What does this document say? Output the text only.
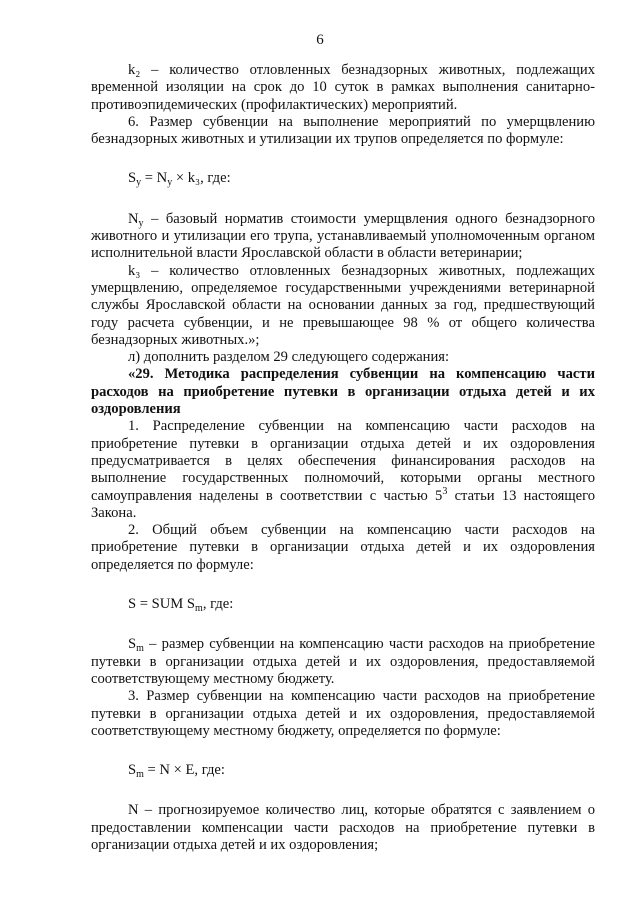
6

k₂ – количество отловленных безнадзорных животных, подлежащих временной изоляции на срок до 10 суток в рамках выполнения санитарно-противоэпидемических (профилактических) мероприятий.

6. Размер субвенции на выполнение мероприятий по умерщвлению безнадзорных животных и утилизации их трупов определяется по формуле:

$S_y = N_y \times k_3$, где:

$N_y$ – базовый норматив стоимости умерщвления одного безнадзорного животного и утилизации его трупа, устанавливаемый уполномоченным органом исполнительной власти Ярославской области в области ветеринарии;

k₃ – количество отловленных безнадзорных животных, подлежащих умерщвлению, определяемое государственными учреждениями ветеринарной службы Ярославской области на основании данных за год, предшествующий году расчета субвенции, и не превышающее 98 % от общего количества безнадзорных животных.»;

л) дополнить разделом 29 следующего содержания:

«29. Методика распределения субвенции на компенсацию части расходов на приобретение путевки в организации отдыха детей и их оздоровления

1. Распределение субвенции на компенсацию части расходов на приобретение путевки в организации отдыха детей и их оздоровления предусматривается в целях обеспечения финансирования расходов на выполнение государственных полномочий, которыми органы местного самоуправления наделены в соответствии с частью $5^3$ статьи 13 настоящего Закона.

2. Общий объем субвенции на компенсацию части расходов на приобретение путевки в организации отдыха детей и их оздоровления определяется по формуле:

S = SUM $S_m$, где:

$S_m$ – размер субвенции на компенсацию части расходов на приобретение путевки в организации отдыха детей и их оздоровления, предоставляемой соответствующему местному бюджету.

3. Размер субвенции на компенсацию части расходов на приобретение путевки в организации отдыха детей и их оздоровления, предоставляемой соответствующему местному бюджету, определяется по формуле:

$S_m = N \times E$, где:

N – прогнозируемое количество лиц, которые обратятся с заявлением о предоставлении компенсации части расходов на приобретение путевки в организации отдыха детей и их оздоровления;
